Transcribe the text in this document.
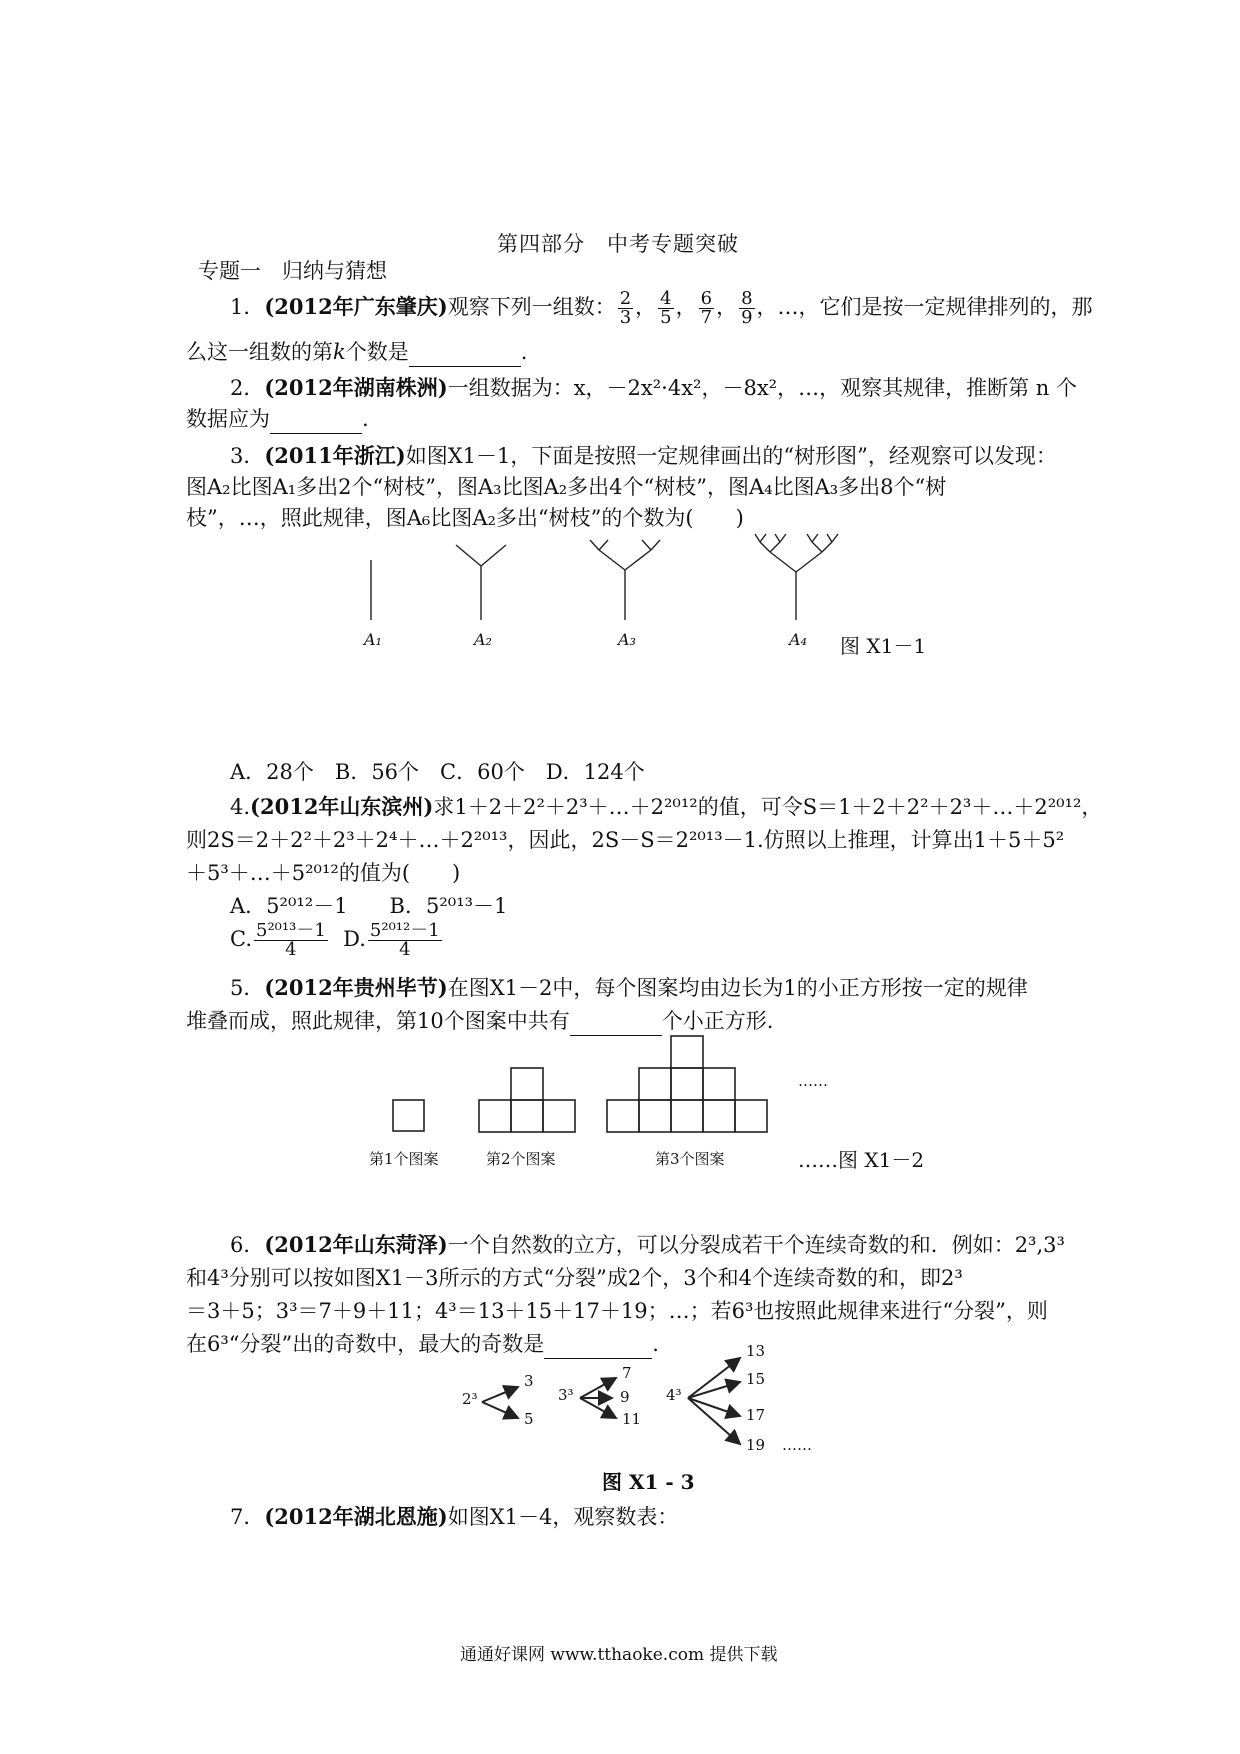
第四部分　中考专题突破
专题一　归纳与猜想
1．(2012年广东肇庆)观察下列一组数： $\frac{2}{3}$ ， $\frac{4}{5}$ ， $\frac{6}{7}$ ， $\frac{8}{9}$ ，…，它们是按一定规律排列的，那
么这一组数的第k个数是	.
2．(2012年湖南株洲)一组数据为：x，－2x²·4x²，－8x²，…，观察其规律，推断第 n 个
数据应为	.
3．(2011年浙江)如图X1－1，下面是按照一定规律画出的“树形图”，经观察可以发现：
图A₂比图A₁多出2个“树枝”，图A₃比图A₂多出4个“树枝”，图A₄比图A₃多出8个“树
枝”，…，照此规律，图A₆比图A₂多出“树枝”的个数为(　　)
A₁	A₂	A₃	A₄ 图 X1－1
A．28个　B．56个　C．60个　D．124个
4.(2012年山东滨州)求1＋2＋2²＋2³＋…＋2²⁰¹²的值，可令S＝1＋2＋2²＋2³＋…＋2²⁰¹²，
则2S＝2＋2²＋2³＋2⁴＋…＋2²⁰¹³，因此，2S－S＝2²⁰¹³－1.仿照以上推理，计算出1＋5＋5²
＋5³＋…＋5²⁰¹²的值为(　　)
A．5²⁰¹²－1　　B．5²⁰¹³－1
C. $\frac{\text{5²⁰¹³－1}}{4} D$. $\frac{\text{5²⁰¹²－1}}{4}$
5．(2012年贵州毕节)在图X1－2中，每个图案均由边长为1的小正方形按一定的规律
堆叠而成，照此规律，第10个图案中共有	个小正方形.
……
第1个图案	第2个图案	第3个图案	……图 X1－2
6．(2012年山东菏泽)一个自然数的立方，可以分裂成若干个连续奇数的和．例如：2³,3³
和4³分别可以按如图X1－3所示的方式“分裂”成2个，3个和4个连续奇数的和，即2³
＝3＋5；3³＝7＋9＋11；4³＝13＋15＋17＋19；…；若6³也按照此规律来进行“分裂”，则
在6³“分裂”出的奇数中，最大的奇数是	.
2³
3
5
3³
7
9
11
4³
13
15
17
19 ……
图 X1 - 3
7．(2012年湖北恩施)如图X1－4，观察数表：
通通好课网 www.tthaoke.com 提供下载
